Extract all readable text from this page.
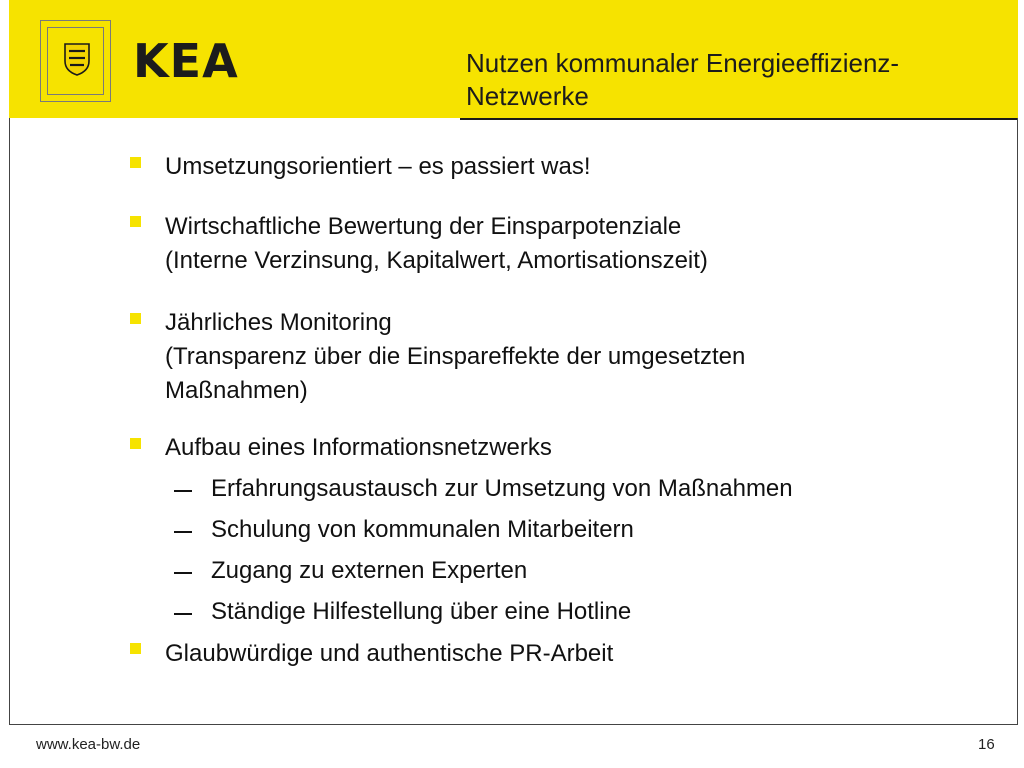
KEA	Nutzen kommunaler Energieeffizienz-
Netzwerke
Umsetzungsorientiert – es passiert was!
Wirtschaftliche Bewertung der Einsparpotenziale
(Interne Verzinsung, Kapitalwert, Amortisationszeit)
Jährliches Monitoring
(Transparenz über die Einspareffekte der umgesetzten
Maßnahmen)
Aufbau eines Informationsnetzwerks
Erfahrungsaustausch zur Umsetzung von Maßnahmen
Schulung von kommunalen Mitarbeitern
Zugang zu externen Experten
Ständige Hilfestellung über eine Hotline
Glaubwürdige und authentische PR-Arbeit
www.kea-bw.de	16
